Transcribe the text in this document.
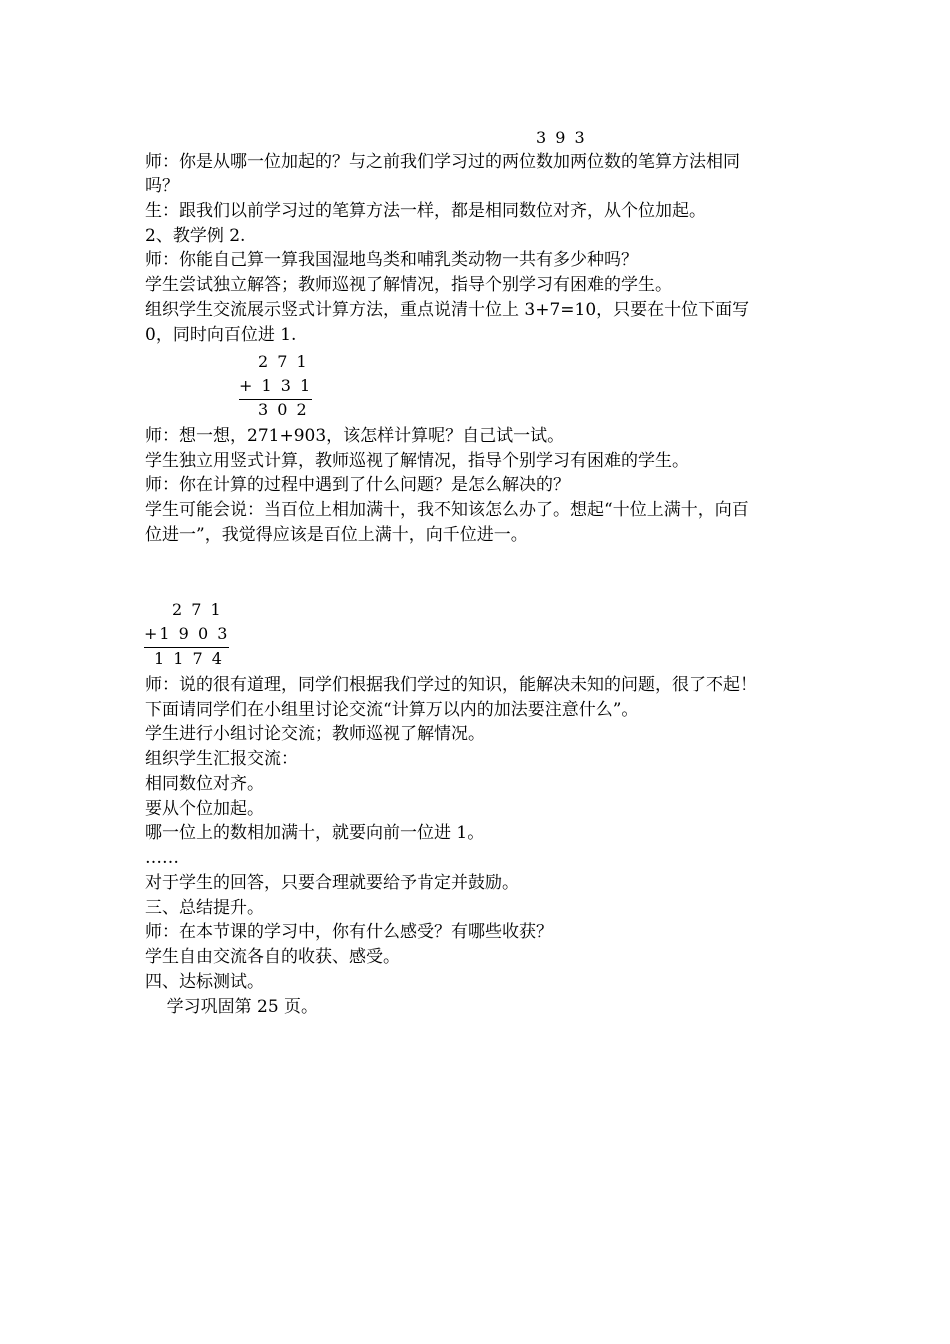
3 9 3
师：你是从哪一位加起的？与之前我们学习过的两位数加两位数的笔算方法相同
吗？
生：跟我们以前学习过的笔算方法一样，都是相同数位对齐，从个位加起。
2、教学例 2.
师：你能自己算一算我国湿地鸟类和哺乳类动物一共有多少种吗？
学生尝试独立解答；教师巡视了解情况，指导个别学习有困难的学生。
组织学生交流展示竖式计算方法，重点说清十位上 3+7=10，只要在十位下面写
0，同时向百位进 1.
2 7 1
+ 1 3 1
3 0 2
师：想一想，271+903，该怎样计算呢？自己试一试。
学生独立用竖式计算，教师巡视了解情况，指导个别学习有困难的学生。
师：你在计算的过程中遇到了什么问题？是怎么解决的？
学生可能会说：当百位上相加满十，我不知该怎么办了。想起“十位上满十，向百
位进一”，我觉得应该是百位上满十，向千位进一。
2 7 1
+1 9 0 3
1 1 7 4
师：说的很有道理，同学们根据我们学过的知识，能解决未知的问题，很了不起！
下面请同学们在小组里讨论交流“计算万以内的加法要注意什么”。
学生进行小组讨论交流；教师巡视了解情况。
组织学生汇报交流：
相同数位对齐。
要从个位加起。
哪一位上的数相加满十，就要向前一位进 1。
……
对于学生的回答，只要合理就要给予肯定并鼓励。
三、总结提升。
师：在本节课的学习中，你有什么感受？有哪些收获？
学生自由交流各自的收获、感受。
四、达标测试。
学习巩固第 25 页。
